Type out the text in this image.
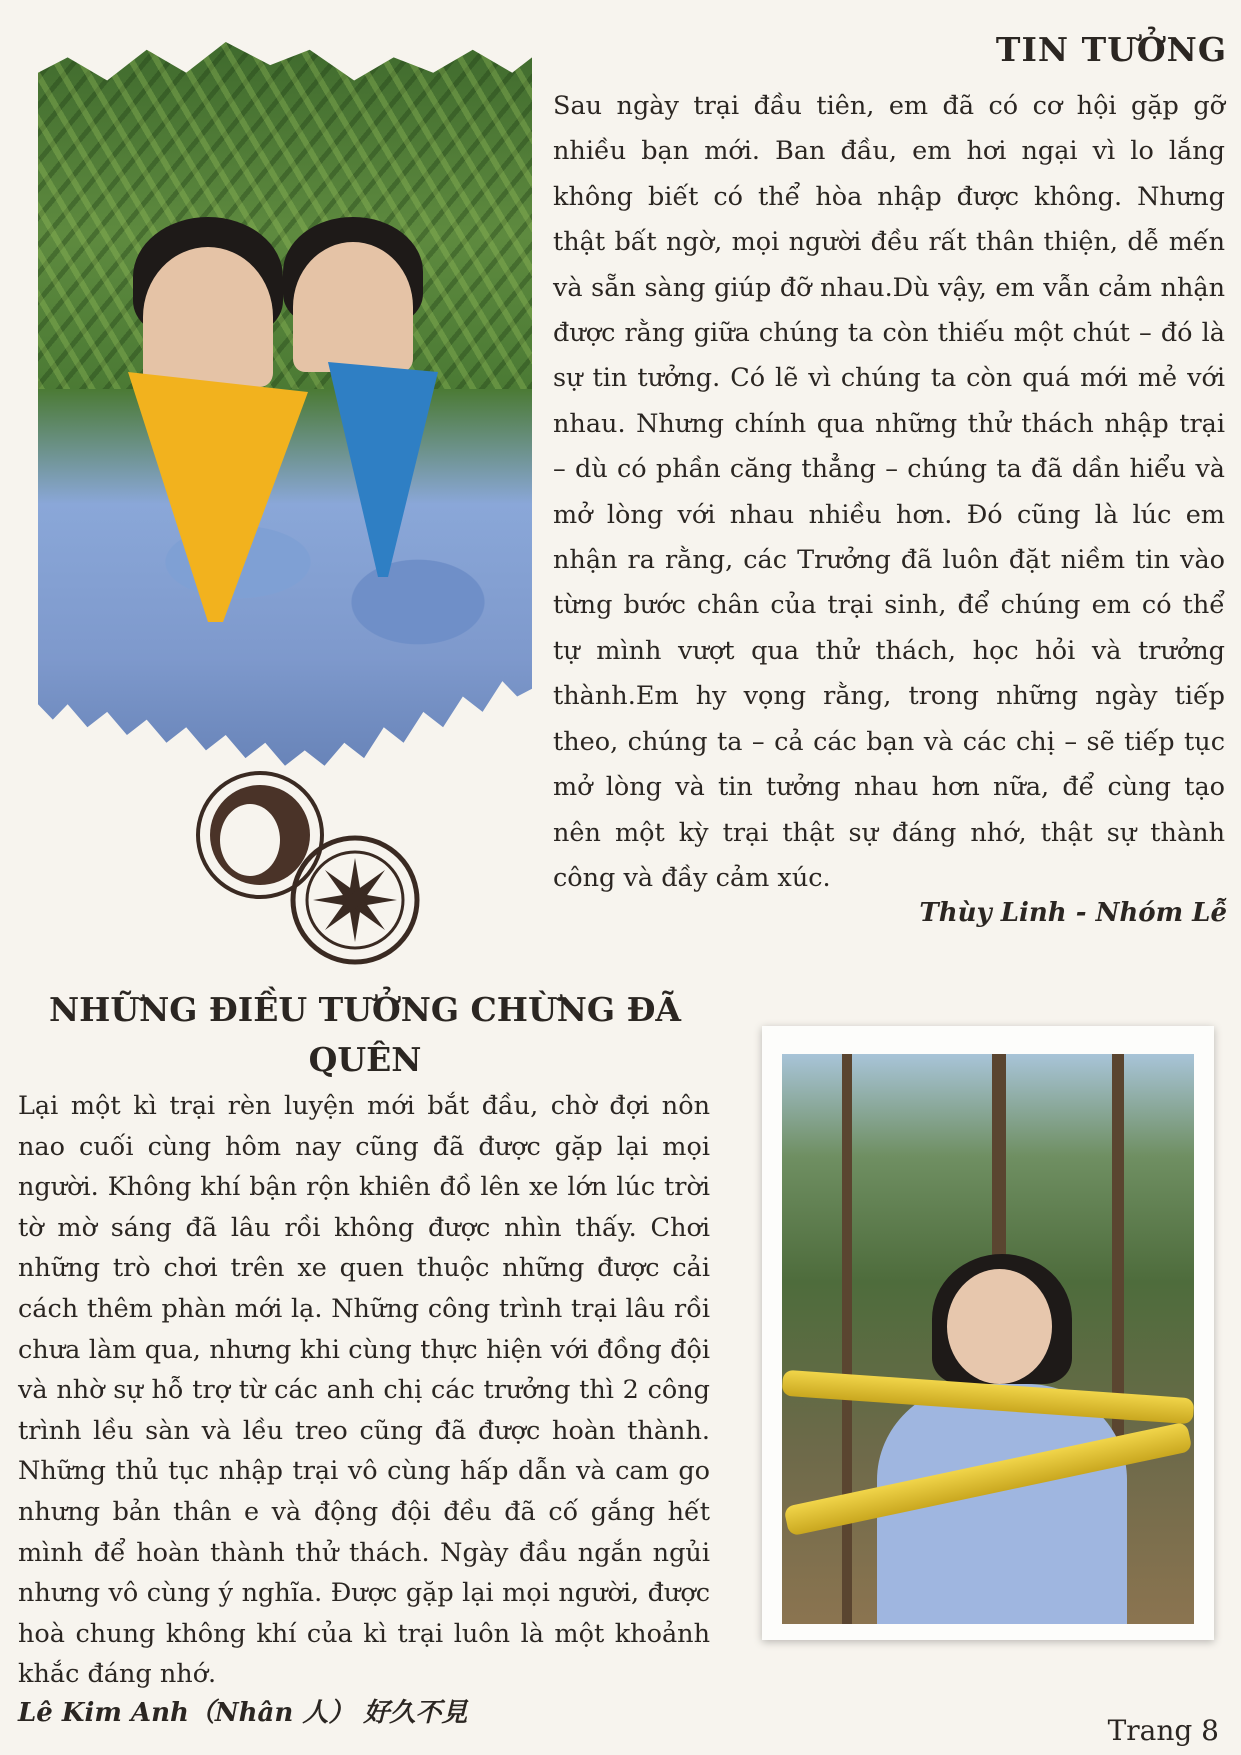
TIN TƯỞNG

Sau ngày trại đầu tiên, em đã có cơ hội gặp gỡ nhiều bạn mới. Ban đầu, em hơi ngại vì lo lắng không biết có thể hòa nhập được không. Nhưng thật bất ngờ, mọi người đều rất thân thiện, dễ mến và sẵn sàng giúp đỡ nhau.Dù vậy, em vẫn cảm nhận được rằng giữa chúng ta còn thiếu một chút – đó là sự tin tưởng. Có lẽ vì chúng ta còn quá mới mẻ với nhau. Nhưng chính qua những thử thách nhập trại – dù có phần căng thẳng – chúng ta đã dần hiểu và mở lòng với nhau nhiều hơn. Đó cũng là lúc em nhận ra rằng, các Trưởng đã luôn đặt niềm tin vào từng bước chân của trại sinh, để chúng em có thể tự mình vượt qua thử thách, học hỏi và trưởng thành.Em hy vọng rằng, trong những ngày tiếp theo, chúng ta – cả các bạn và các chị – sẽ tiếp tục mở lòng và tin tưởng nhau hơn nữa, để cùng tạo nên một kỳ trại thật sự đáng nhớ, thật sự thành công và đầy cảm xúc.

Thùy Linh - Nhóm Lễ

NHỮNG ĐIỀU TƯỞNG CHỪNG ĐÃ QUÊN

Lại một kì trại rèn luyện mới bắt đầu, chờ đợi nôn nao cuối cùng hôm nay cũng đã được gặp lại mọi người. Không khí bận rộn khiên đồ lên xe lớn lúc trời tờ mờ sáng đã lâu rồi không được nhìn thấy. Chơi những trò chơi trên xe quen thuộc những được cải cách thêm phàn mới lạ. Những công trình trại lâu rồi chưa làm qua, nhưng khi cùng thực hiện với đồng đội và nhờ sự hỗ trợ từ các anh chị các trưởng thì 2 công trình lều sàn và lều treo cũng đã được hoàn thành. Những thủ tục nhập trại vô cùng hấp dẫn và cam go nhưng bản thân e và động đội đều đã cố gắng hết mình để hoàn thành thử thách. Ngày đầu ngắn ngủi nhưng vô cùng ý nghĩa. Được gặp lại mọi người, được hoà chung không khí của kì trại luôn là một khoảnh khắc đáng nhớ.

Lê Kim Anh（Nhân 人） 好久不見

Trang 8
